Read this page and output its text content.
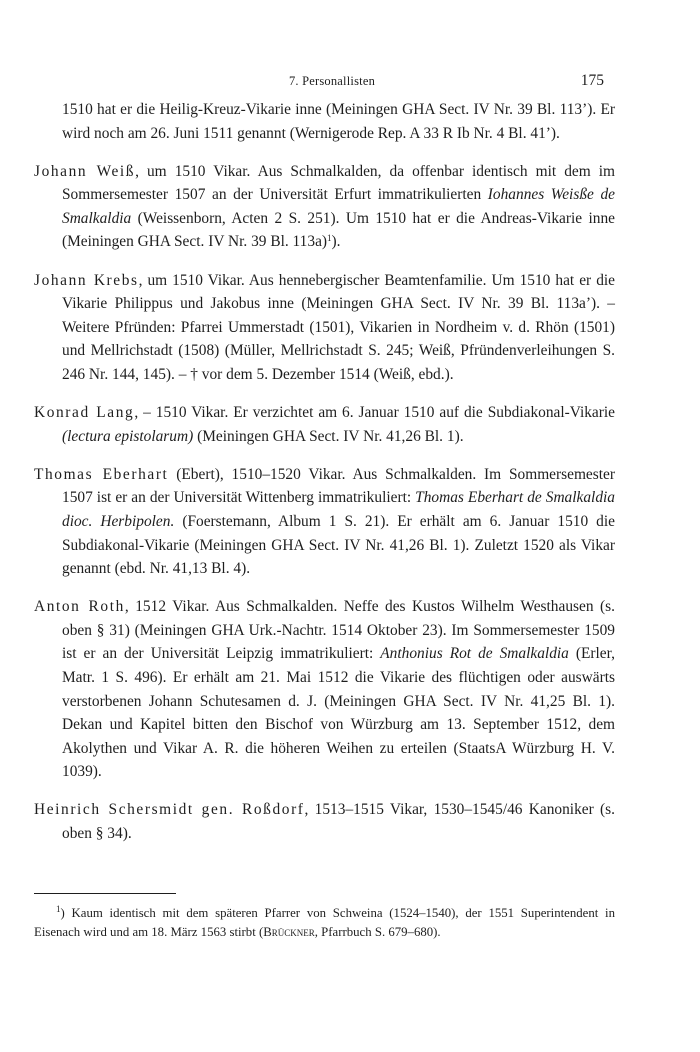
7. Personallisten	175

1510 hat er die Heilig-Kreuz-Vikarie inne (Meiningen GHA Sect. IV Nr. 39 Bl. 113’). Er wird noch am 26. Juni 1511 genannt (Wernigerode Rep. A 33 R Ib Nr. 4 Bl. 41’).

Johann Weiß, um 1510 Vikar. Aus Schmalkalden, da offenbar identisch mit dem im Sommersemester 1507 an der Universität Erfurt immatrikulierten Iohannes Weisße de Smalkaldia (Weissenborn, Acten 2 S. 251). Um 1510 hat er die Andreas-Vikarie inne (Meiningen GHA Sect. IV Nr. 39 Bl. 113a)$^1$).

Johann Krebs, um 1510 Vikar. Aus hennebergischer Beamtenfamilie. Um 1510 hat er die Vikarie Philippus und Jakobus inne (Meiningen GHA Sect. IV Nr. 39 Bl. 113a’). – Weitere Pfründen: Pfarrei Ummerstadt (1501), Vikarien in Nordheim v. d. Rhön (1501) und Mellrichstadt (1508) (Müller, Mellrichstadt S. 245; Weiß, Pfründenverleihungen S. 246 Nr. 144, 145). – † vor dem 5. Dezember 1514 (Weiß, ebd.).

Konrad Lang, – 1510 Vikar. Er verzichtet am 6. Januar 1510 auf die Subdiakonal-Vikarie (lectura epistolarum) (Meiningen GHA Sect. IV Nr. 41,26 Bl. 1).

Thomas Eberhart (Ebert), 1510–1520 Vikar. Aus Schmalkalden. Im Sommersemester 1507 ist er an der Universität Wittenberg immatrikuliert: Thomas Eberhart de Smalkaldia dioc. Herbipolen. (Foerstemann, Album 1 S. 21). Er erhält am 6. Januar 1510 die Subdiakonal-Vikarie (Meiningen GHA Sect. IV Nr. 41,26 Bl. 1). Zuletzt 1520 als Vikar genannt (ebd. Nr. 41,13 Bl. 4).

Anton Roth, 1512 Vikar. Aus Schmalkalden. Neffe des Kustos Wilhelm Westhausen (s. oben § 31) (Meiningen GHA Urk.-Nachtr. 1514 Oktober 23). Im Sommersemester 1509 ist er an der Universität Leipzig immatrikuliert: Anthonius Rot de Smalkaldia (Erler, Matr. 1 S. 496). Er erhält am 21. Mai 1512 die Vikarie des flüchtigen oder auswärts verstorbenen Johann Schutesamen d. J. (Meiningen GHA Sect. IV Nr. 41,25 Bl. 1). Dekan und Kapitel bitten den Bischof von Würzburg am 13. September 1512, dem Akolythen und Vikar A. R. die höheren Weihen zu erteilen (StaatsA Würzburg H. V. 1039).

Heinrich Schersmidt gen. Roßdorf, 1513–1515 Vikar, 1530–1545/46 Kanoniker (s. oben § 34).

$^1$) Kaum identisch mit dem späteren Pfarrer von Schweina (1524–1540), der 1551 Superintendent in Eisenach wird und am 18. März 1563 stirbt (Brückner, Pfarrbuch S. 679–680).
